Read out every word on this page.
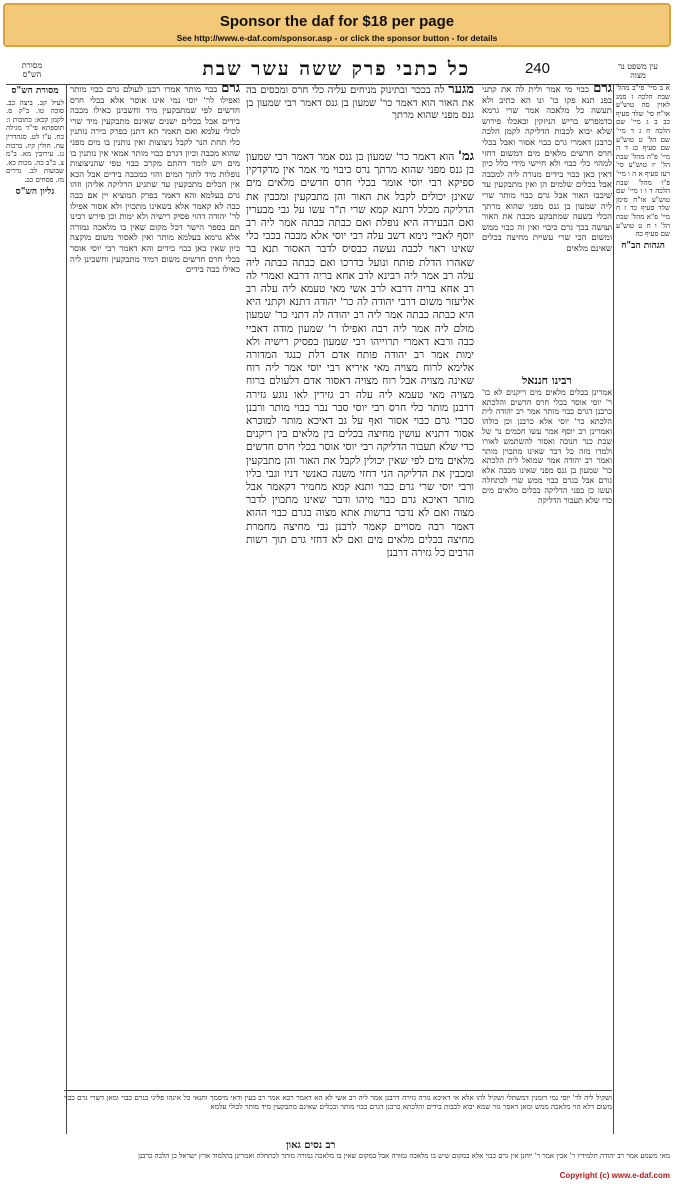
Sponsor the daf for $18 per page
See http://www.e-daf.com/sponsor.asp - or click the sponsor button - for details
עין משפט נר מצוה
240
כל כתבי פרק ששה עשר שבת
מסורת הש"ס
א ב מיי' פי"ב מהל' שבת הלכה ז סמג לאוין סה טוש"ע או"ח סי' שלד סעיף כב ב ג מיי' שם הלכה ח ג ד מיי' שם הל' ט טוש"ע שם סעיף כג ד ה מיי' פ"ה מהל' שבת הל' יז טוש"ע סי' רעז סעיף א ה ו מיי' פ"ו מהל' שבת הלכה ד ו ז מיי' שם טוש"ע או"ח סימן שלד סעיף כד ז ח מיי' פ"א מהל' שבת הל' ו ח ט טוש"ע שם סעיף כה
הגהות הב"ח
גרם כבוי מי אמר ולית לה את קתני בפנ תנא פקו כו' ונו הא כתיב ולא תעשה כל מלאכה אמר שרי גרמא כדמפרש בריש הניזקין ובאכלו פירוש שלא יבוא לכבות הדליקה לקמן הלכה כרבנן דאמרי גרם כבוי אסור ואבל בכלי חרס חדשים מלאים מים דמשום דחזי למהוי כלי כבוי ולא חיישי מידי כלל כיון דאין כאן כבוי בידים מנורה ליה למכבה אבל בכלים שלמים הן ואין מתבקעין עד שיכבו האור אבל גרם כבוי מותר שרי ליה שמעון בן גנס מפני שהוא מרתך הכלי בשעה שמתבקע מכבה את האור ועושה בכך גרם כיבוי ואין זה כבוי ממש ומשום הכי שרי עשיית מחיצה בכלים שאינם מלאים
רבינו חננאל
אמרינן בכלים מלאים מים ריקנים לא כו' ר' יוסי אוסר בכלי חרס חדשים והלכתא כרבנן דגרם כבוי מותר אמר רב יהודה לית הלכתא כר' יוסי אלא כרבנן וכן כולהו ואמרינן רב יוסף אמר עשו חכמים נר של שבת כנר חנוכה ואסור להשתמש לאורו ולמדו מזה כל דבר שאינו מתכוין מותר ואמר רב יהודה אמר שמואל לית הלכתא כר' שמעון בן גנס מפני שאינו מכבה אלא גורם אבל בגרם כבוי ממש שרי לכתחלה ועשו כן בפני הדליקה בכלים מלאים מים כדי שלא תעבור הדליקה
מגער לה בככר ובתינוק מניחים עליה כלי חרס ומכסים בה את האור הוא דאמר כר' שמעון בן גנס דאמר רבי שמעון בן גנס מפני שהוא מרתך
גמ' הוא דאמר כר' שמעון בן גנס אמר דאמר רבי שמעון בן גנס מפני שהוא מרתך נרס כיבוי מי אמר אין מדקדקין ספיקא רבי יוסי אומר בכלי חרס חדשים מלאים מים שאינן יכולים לקבל את האור והן מתבקעין ומכבין את הדליקה מכלל דתנא קמא שרי ת"ר עשו על גבי מבערין ואם הבעירה היא נופלת ואם כבתה כבתה אמר ליה רב יוסף לאביי נימא דשב עלה רבי יוסי אלא מכבה בכבי כלי שאינו ראוי לכבה נעשה כבסיס לדבר האסור תנא בר שאהרו הדלת פותח ונועל כדרכו ואם כבתה כבתה ליה עלה רב אמר ליה רבינא לרב אחא בריה דרבא ואמרי לה רב אחא בריה דרבא לרב אשי מאי טעמא ליה עלה רב אליעזר משום דרבי יהודה לה כר' יהודה דתנא וקתני היא היא כבתה כבתה אמר ליה רב יהודה לה דתני כר' שמעון מולם ליה אמר ליה רבה ואפילו ר' שמעון מודה דאביי כבה ורבא דאמרי תרוייהו רבי שמעון בפסיק רישיה ולא ימות אמר רב יהודה פותח אדם דלת כנגד המדורה אלימא לרוח מצויה מאי איריא רבי יוסי אמר ליה רוח שאינה מצויה אבל רוח מצויה דאסור אדם דלעולם ברוח מצויה מאי טעמא ליה עלה רב גזירין לאו נוגע גזירה דרבנן מותר כלי חרס רבי יוסי סבר נבר כבוי מותר ורבנן סברי גרם כבוי אסור ואף על גב דאיכא מותר למוכרא אסור דתניא עושין מחיצה בכלים בין מלאים בין ריקנים כדי שלא תעבור הדליקה רבי יוסי אוסר בכלי חרס חדשים מלאים מים לפי שאין יכולין לקבל את האור והן מתבקעין ומכבין את הדליקה הני דחזי משנה כאנשי דניו וגבי כליו ורבי יוסי שרי גרם כבוי ותנא קמא מחמיר דקאמר אבל מותר דאיכא גרם כבוי מיהו ודבר שאינו מתכוין לדבר מצוה ואם לא נדבר ברשות אתא מצוה בגרם כבוי ההוא דאמר רבה מסויים קאמר לרבנן גבי מחיצה מחמרת מחיצה בכלים מלאים מים ואם לא דחזי גרם תוך רשות הרבים כל גזירה דרבנן
גרם כבוי מותר אמרו רבנן לעולם גרם כבוי מותר ואפילו לר' יוסי נמי אינו אוסר אלא בכלי חרס חדשים לפי שמתבקעין מיד וחשבינן כאילו מכבה בידים אבל בכלים ישנים שאינם מתבקעין מיד שרי לכולי עלמא ואם תאמר הא דתנן בפרק כירה נותנין כלי תחת הנר לקבל ניצוצות ואין נותנין בו מים מפני שהוא מכבה וכיון דגרם כבוי מותר אמאי אין נותנין בו מים ויש לומר דהתם מקרב כבוי טפי שהניצוצות נופלות מיד לתוך המים והוי כמכבה בידים אבל הכא אין הכלים מתבקעין עד שתגיע הדליקה אליהן וזהו גרם בעלמא והא דאמר בפרק המוציא יין אם כבה כבה לא קאמר אלא בשאינו מתכוין ולא אסור אפילו לר' יהודה דהוי פסיק רישיה ולא ימות וכן פירש רבינו תם בספר הישר דכל מקום שאין בו מלאכה גמורה אלא גרמא בעלמא מותר ואין לאסור משום מוקצה כיון שאין כאן כבוי בידים והא דאמר רבי יוסי אוסר בכלי חרס חדשים משום דמיד מתבקעין וחשבינן ליה כאילו כבה בידים
מסורת הש"ס
לעיל קכ. ביצה כב. סוכה טו. ב"ק ס. לקמן קכא: כתובות ו: תוספתא פי"ד מגילה כח. ע"ז לט. סנהדרין עח. חולין קיז. ברכות נג. עירובין מא. ב"מ צ. ב"ב כה. מכות כא. שבועות לב. נדרים מז. פסחים כב.
גליון הש"ס
ושקיל ליה לר' יוסי נמי דזמנין דמשתלי ושקיל להו אלא אי דאיכא גזרה גזירה דרבנן אמר ליה רב אשי לא הא דאמר רבא אמר רב בעין ודאי מיסמך ותנאי כל אינהו פליגי בגרם כבוי ומאן דשרי גרם כבוי משום דלא הוי מלאכה ממש ומאן דאסר גזר שמא יבוא לכבות בידים והלכתא כרבנן דגרם כבוי מותר ובכלים שאינם מתבקעין מיד מותר לכולי עלמא
רב נסים גאון
מאי משמע אמר רב יהודה תלמידיו ר' אבין אמר ר' יוחנן אין גרם כבוי אלא במקום שיש בו מלאכה גמורה אבל במקום שאין בו מלאכה גמורה מותר לכתחלה ואמרינן בתלמוד ארץ ישראל כן הלכה כרבנן
Copyright (c) www.e-daf.com
